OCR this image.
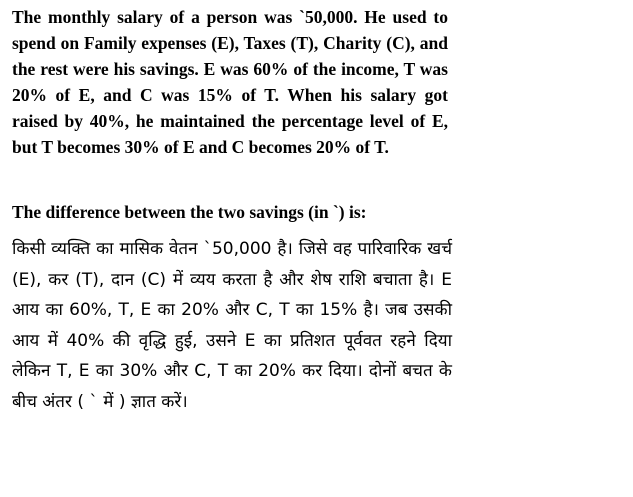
The monthly salary of a person was `50,000. He used to spend on Family expenses (E), Taxes (T), Charity (C), and the rest were his savings. E was 60% of the income, T was 20% of E, and C was 15% of T. When his salary got raised by 40%, he maintained the percentage level of E, but T becomes 30% of E and C becomes 20% of T.

The difference between the two savings (in `) is:

किसी व्यक्ति का मासिक वेतन `50,000 है। जिसे वह पारिवारिक खर्च (E), कर (T), दान (C) में व्यय करता है और शेष राशि बचाता है। E आय का 60%, T, E का 20% और C, T का 15% है। जब उसकी आय में 40% की वृद्धि हुई, उसने E का प्रतिशत पूर्ववत रहने दिया लेकिन T, E का 30% और C, T का 20% कर दिया। दोनों बचत के बीच अंतर ( ` में ) ज्ञात करें।
